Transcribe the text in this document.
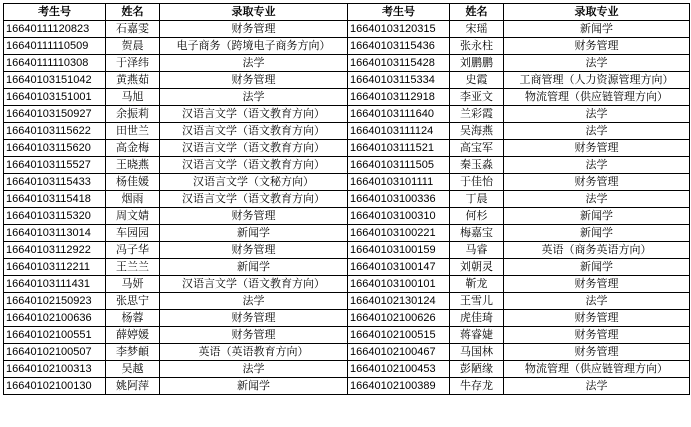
考生号	姓名	录取专业	考生号	姓名	录取专业
16640111120823	石嘉雯	财务管理	16640103120315	宋瑶	新闻学
16640111110509	贺晨	电子商务（跨境电子商务方向）	16640103115436	张永柱	财务管理
16640111110308	于泽纬	法学	16640103115428	刘鹏鹏	法学
16640103151042	黄燕茹	财务管理	16640103115334	史霞	工商管理（人力资源管理方向）
16640103151001	马旭	法学	16640103112918	李亚文	物流管理（供应链管理方向）
16640103150927	余振莉	汉语言文学（语文教育方向）	16640103111640	兰彩霞	法学
16640103115622	田世兰	汉语言文学（语文教育方向）	16640103111124	吴海燕	法学
16640103115620	高金梅	汉语言文学（语文教育方向）	16640103111521	高宝军	财务管理
16640103115527	王晓燕	汉语言文学（语文教育方向）	16640103111505	秦玉淼	法学
16640103115433	杨佳媛	汉语言文学（文秘方向）	16640103101111	于佳怡	财务管理
16640103115418	烟雨	汉语言文学（语文教育方向）	16640103100336	丁晨	法学
16640103115320	周文婧	财务管理	16640103100310	何杉	新闻学
16640103113014	车园园	新闻学	16640103100221	梅嘉宝	新闻学
16640103112922	冯子华	财务管理	16640103100159	马睿	英语（商务英语方向）
16640103112211	王兰兰	新闻学	16640103100147	刘朝灵	新闻学
16640103111431	马妍	汉语言文学（语文教育方向）	16640103100101	靳龙	财务管理
16640102150923	张思宁	法学	16640102130124	王雪儿	法学
16640102100636	杨蓉	财务管理	16640102100626	虎佳琦	财务管理
16640102100551	薛婷媛	财务管理	16640102100515	蒋睿婕	财务管理
16640102100507	李梦頔	英语（英语教育方向）	16640102100467	马国林	财务管理
16640102100313	吴越	法学	16640102100453	彭陋缘	物流管理（供应链管理方向）
16640102100130	姚阿萍	新闻学	16640102100389	牛存龙	法学
